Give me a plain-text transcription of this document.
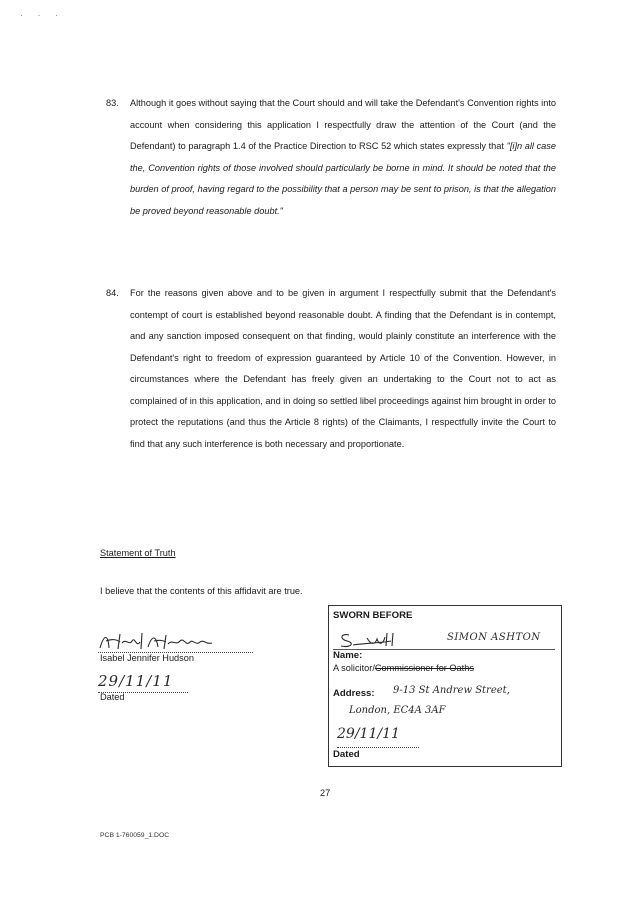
· · ·
83. Although it goes without saying that the Court should and will take the Defendant's Convention rights into account when considering this application I respectfully draw the attention of the Court (and the Defendant) to paragraph 1.4 of the Practice Direction to RSC 52 which states expressly that "[i]n all case the, Convention rights of those involved should particularly be borne in mind. It should be noted that the burden of proof, having regard to the possibility that a person may be sent to prison, is that the allegation be proved beyond reasonable doubt."
84. For the reasons given above and to be given in argument I respectfully submit that the Defendant's contempt of court is established beyond reasonable doubt. A finding that the Defendant is in contempt, and any sanction imposed consequent on that finding, would plainly constitute an interference with the Defendant's right to freedom of expression guaranteed by Article 10 of the Convention. However, in circumstances where the Defendant has freely given an undertaking to the Court not to act as complained of in this application, and in doing so settled libel proceedings against him brought in order to protect the reputations (and thus the Article 8 rights) of the Claimants, I respectfully invite the Court to find that any such interference is both necessary and proportionate.
Statement of Truth
I believe that the contents of this affidavit are true.
Isabel Jennifer Hudson
29/11/11
Dated
SWORN BEFORE
SIMON ASHTON
Name:
A solicitor/Commissioner for Oaths
Address: 9-13 St Andrew Street,
London, EC4A 3AF
29/11/11
Dated
27
PCB 1-760059_1.DOC
